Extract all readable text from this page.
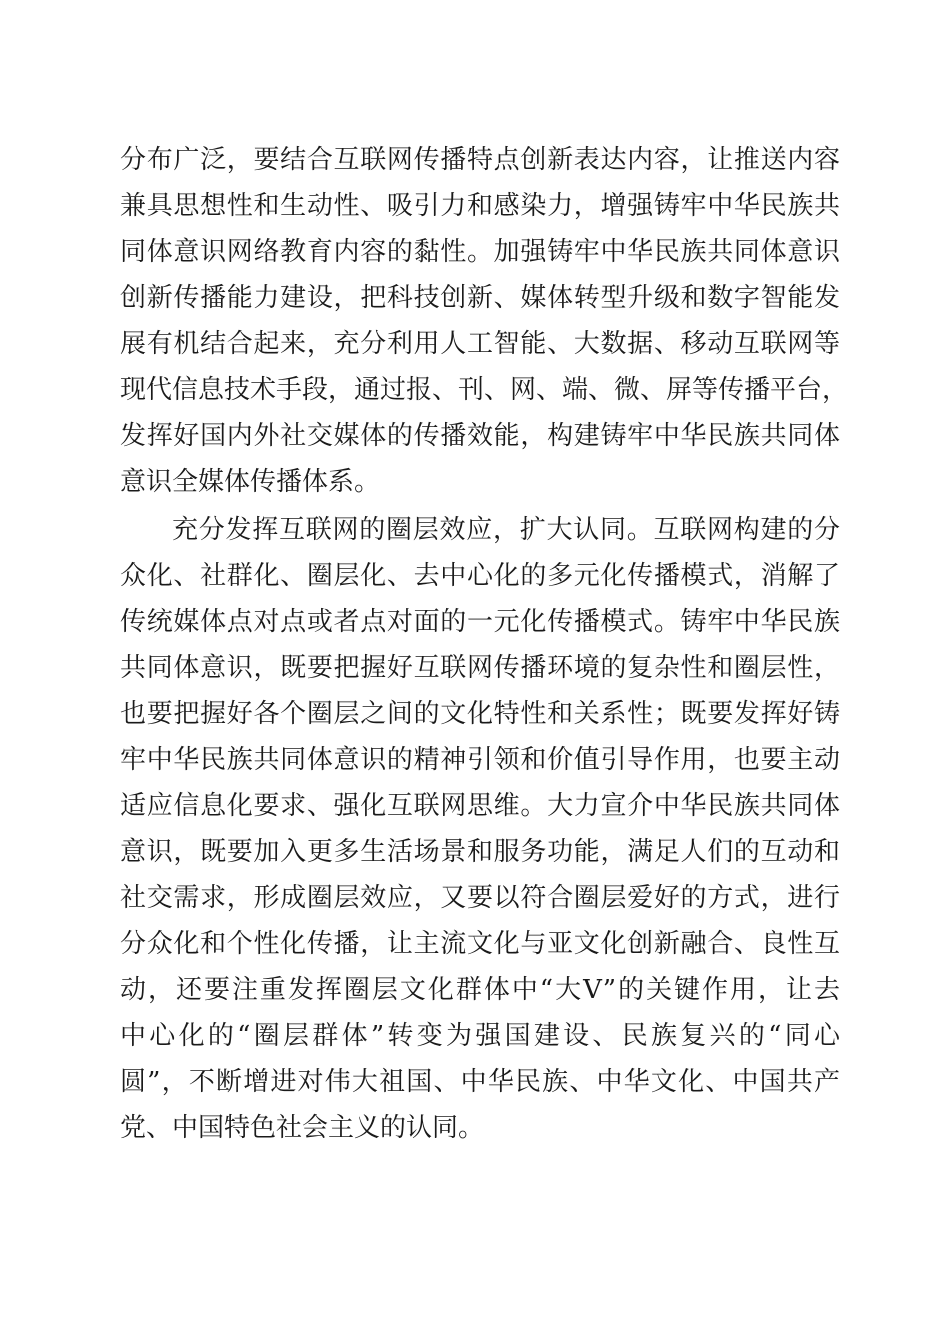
分布广泛，要结合互联网传播特点创新表达内容，让推送内容
兼具思想性和生动性、吸引力和感染力，增强铸牢中华民族共
同体意识网络教育内容的黏性。加强铸牢中华民族共同体意识
创新传播能力建设，把科技创新、媒体转型升级和数字智能发
展有机结合起来，充分利用人工智能、大数据、移动互联网等
现代信息技术手段，通过报、刊、网、端、微、屏等传播平台，
发挥好国内外社交媒体的传播效能，构建铸牢中华民族共同体
意识全媒体传播体系。
充分发挥互联网的圈层效应，扩大认同。互联网构建的分
众化、社群化、圈层化、去中心化的多元化传播模式，消解了
传统媒体点对点或者点对面的一元化传播模式。铸牢中华民族
共同体意识，既要把握好互联网传播环境的复杂性和圈层性，
也要把握好各个圈层之间的文化特性和关系性；既要发挥好铸
牢中华民族共同体意识的精神引领和价值引导作用，也要主动
适应信息化要求、强化互联网思维。大力宣介中华民族共同体
意识，既要加入更多生活场景和服务功能，满足人们的互动和
社交需求，形成圈层效应，又要以符合圈层爱好的方式，进行
分众化和个性化传播，让主流文化与亚文化创新融合、良性互
动，还要注重发挥圈层文化群体中“大V”的关键作用，让去
中心化的“圈层群体”转变为强国建设、民族复兴的“同心
圆”，不断增进对伟大祖国、中华民族、中华文化、中国共产
党、中国特色社会主义的认同。
